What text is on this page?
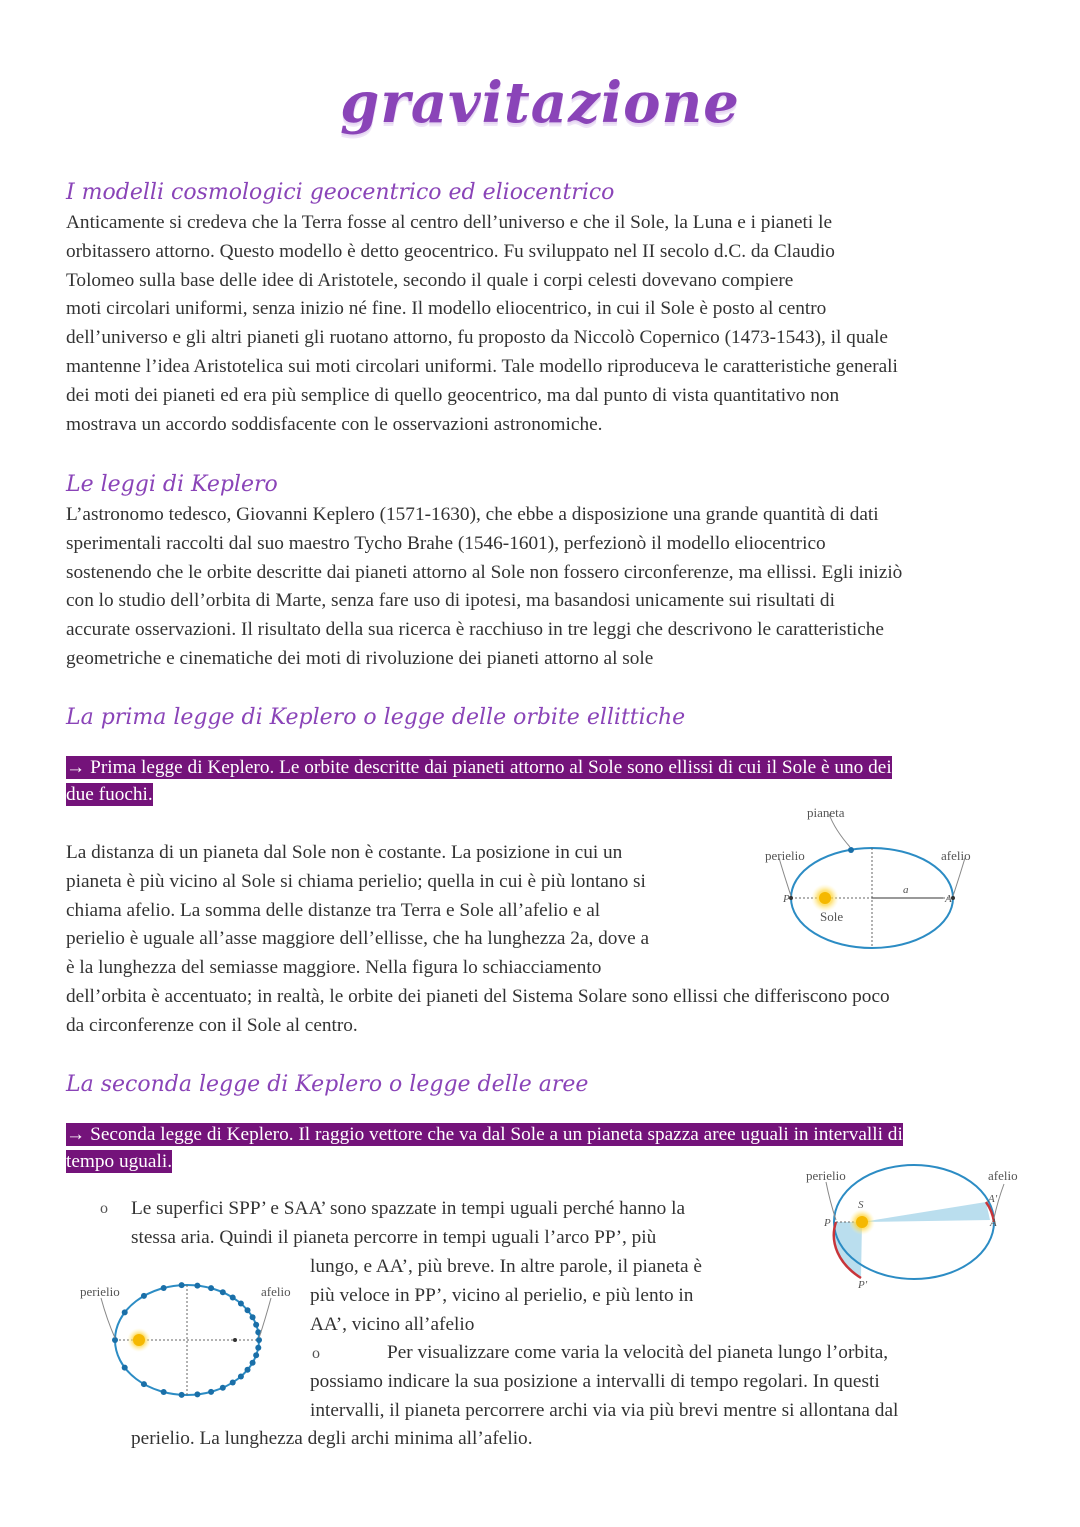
gravitazione
I modelli cosmologici geocentrico ed eliocentrico
Anticamente si credeva che la Terra fosse al centro dell’universo e che il Sole, la Luna e i pianeti le
orbitassero attorno. Questo modello è detto geocentrico. Fu sviluppato nel II secolo d.C. da Claudio
Tolomeo sulla base delle idee di Aristotele, secondo il quale i corpi celesti dovevano compiere
moti circolari uniformi, senza inizio né fine. Il modello eliocentrico, in cui il Sole è posto al centro
dell’universo e gli altri pianeti gli ruotano attorno, fu proposto da Niccolò Copernico (1473-1543), il quale
mantenne l’idea Aristotelica sui moti circolari uniformi. Tale modello riproduceva le caratteristiche generali
dei moti dei pianeti ed era più semplice di quello geocentrico, ma dal punto di vista quantitativo non
mostrava un accordo soddisfacente con le osservazioni astronomiche.
Le leggi di Keplero
L’astronomo tedesco, Giovanni Keplero (1571-1630), che ebbe a disposizione una grande quantità di dati
sperimentali raccolti dal suo maestro Tycho Brahe (1546-1601), perfezionò il modello eliocentrico
sostenendo che le orbite descritte dai pianeti attorno al Sole non fossero circonferenze, ma ellissi. Egli iniziò
con lo studio dell’orbita di Marte, senza fare uso di ipotesi, ma basandosi unicamente sui risultati di
accurate osservazioni. Il risultato della sua ricerca è racchiuso in tre leggi che descrivono le caratteristiche
geometriche e cinematiche dei moti di rivoluzione dei pianeti attorno al sole
La prima legge di Keplero o legge delle orbite ellittiche
→ Prima legge di Keplero. Le orbite descritte dai pianeti attorno al Sole sono ellissi di cui il Sole è uno dei
due fuochi.
La distanza di un pianeta dal Sole non è costante. La posizione in cui un
pianeta è più vicino al Sole si chiama perielio; quella in cui è più lontano si
chiama afelio. La somma delle distanze tra Terra e Sole all’afelio e al
perielio è uguale all’asse maggiore dell’ellisse, che ha lunghezza 2a, dove a
è la lunghezza del semiasse maggiore. Nella figura lo schiacciamento
dell’orbita è accentuato; in realtà, le orbite dei pianeti del Sistema Solare sono ellissi che differiscono poco
da circonferenze con il Sole al centro.
pianeta
perielio	afelio
P	A
a
Sole
La seconda legge di Keplero o legge delle aree
→ Seconda legge di Keplero. Il raggio vettore che va dal Sole a un pianeta spazza aree uguali in intervalli di
tempo uguali.
o Le superfici SPP’ e SAA’ sono spazzate in tempi uguali perché hanno la
stessa aria. Quindi il pianeta percorre in tempi uguali l’arco PP’, più
lungo, e AA’, più breve. In altre parole, il pianeta è
più veloce in PP’, vicino al perielio, e più lento in
AA’, vicino all’afelio
o	Per visualizzare come varia la velocità del pianeta lungo l’orbita,
possiamo indicare la sua posizione a intervalli di tempo regolari. In questi
intervalli, il pianeta percorrere archi via via più brevi mentre si allontana dal
perielio. La lunghezza degli archi minima all’afelio.
perielio	afelio
S
P
P'
A'
A
perielio	afelio
